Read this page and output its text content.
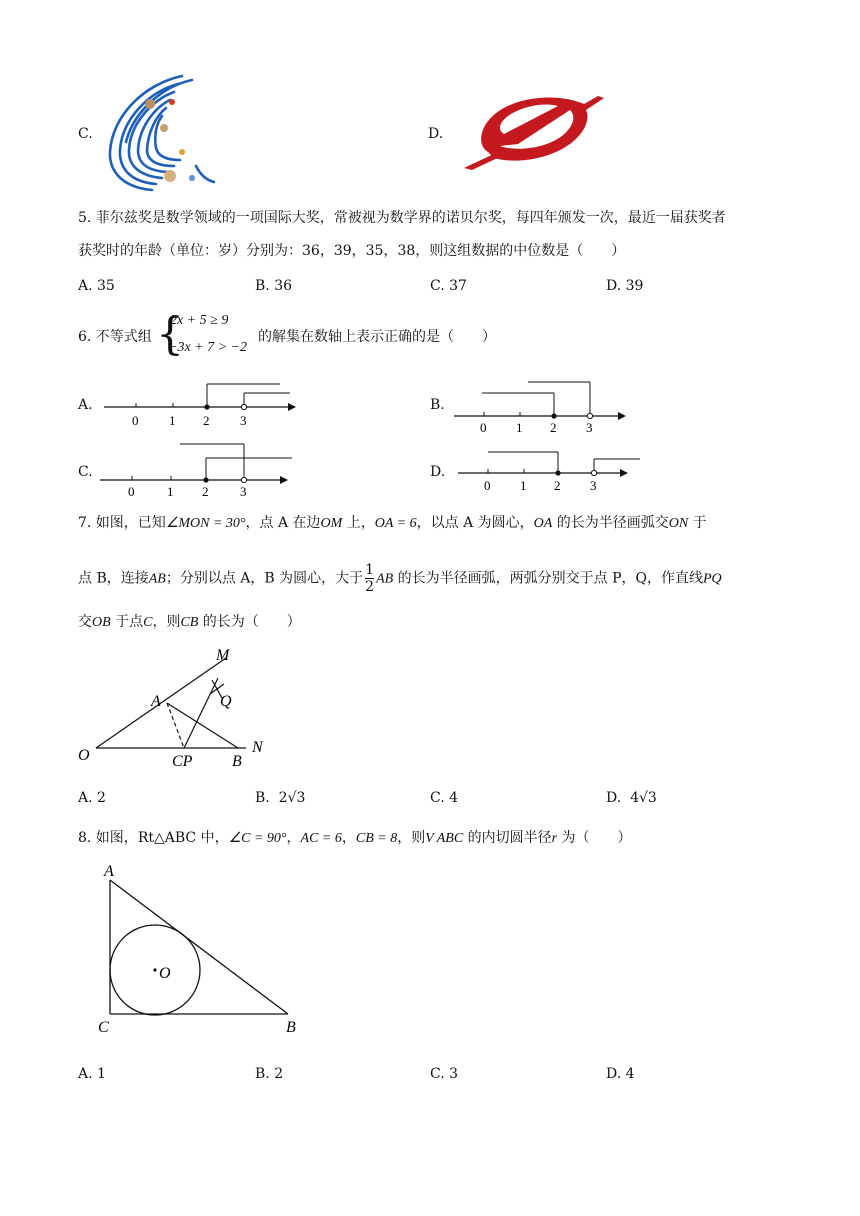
C.	D.
5. 菲尔兹奖是数学领域的一项国际大奖，常被视为数学界的诺贝尔奖，每四年颁发一次，最近一届获奖者
获奖时的年龄（单位：岁）分别为：36，39，35，38，则这组数据的中位数是（　　）
A. 35	B. 36	C. 37	D. 39
6. 不等式组 {
2x + 5 ≥ 9
−3x + 7 > −2
的解集在数轴上表示正确的是（　　）
A.
0 1 2 3
B.
0 1 2 3
C.
0	1 2 3
D.
0 1 2 3
7. 如图，已知∠MON = 30°，点 A 在边OM 上，OA = 6，以点 A 为圆心，OA 的长为半径画弧交ON 于
点 B，连接AB；分别以点 A，B 为圆心，大于 $\frac{1}{2}$ AB 的长为半径画弧，两弧分别交于点 P，Q，作直线PQ
交OB 于点C，则CB 的长为（　　）
M
A	Q
O	CP B
N
A. 2	B. 2√3	C. 4	D. 4√3
8. 如图，Rt△ABC 中，∠C = 90°，AC = 6，CB = 8，则V ABC 的内切圆半径r 为（　　）
A
O
C	B
A. 1	B. 2	C. 3	D. 4
